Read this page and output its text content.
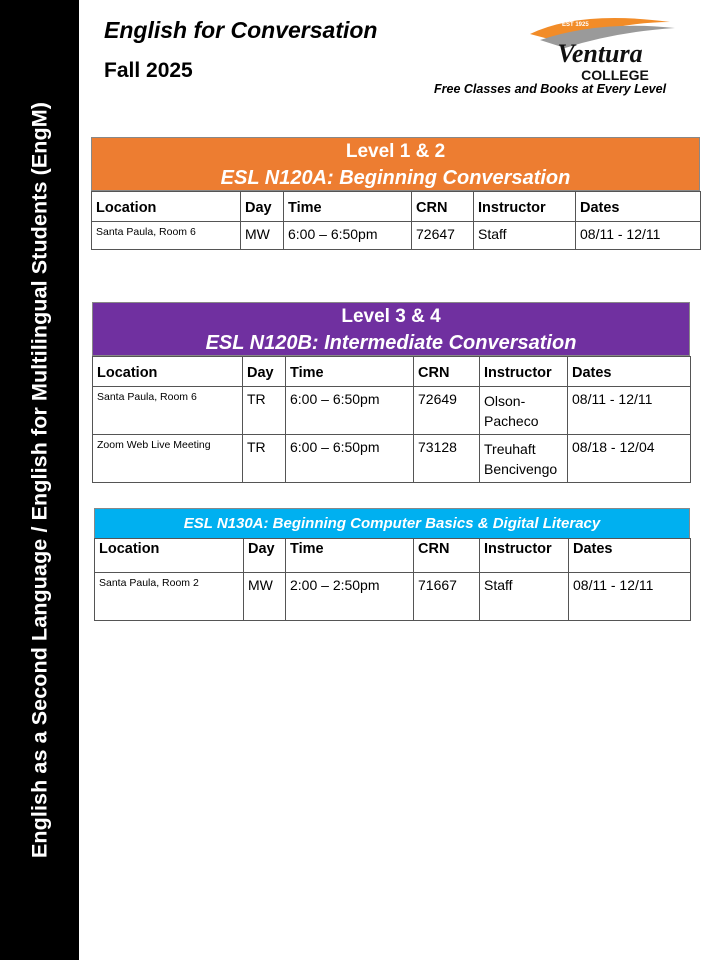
English as a Second Language / English for Multilingual Students (EngM)
English for Conversation
Fall 2025
EST 1925
Ventura
COLLEGE
Free Classes and Books at Every Level
Level 1 & 2
ESL N120A: Beginning Conversation
Location	Day	Time	CRN	Instructor	Dates
Santa Paula, Room 6	MW	6:00 – 6:50pm	72647	Staff	08/11 - 12/11
Level 3 & 4
ESL N120B: Intermediate Conversation
Location	Day	Time	CRN	Instructor	Dates
Santa Paula, Room 6	TR	6:00 – 6:50pm	72649	Olson-Pacheco	08/11 - 12/11
Zoom Web Live Meeting	TR	6:00 – 6:50pm	73128	Treuhaft Bencivengo	08/18 - 12/04
ESL N130A: Beginning Computer Basics & Digital Literacy
Location	Day	Time	CRN	Instructor	Dates
Santa Paula, Room 2	MW	2:00 – 2:50pm	71667	Staff	08/11 - 12/11
